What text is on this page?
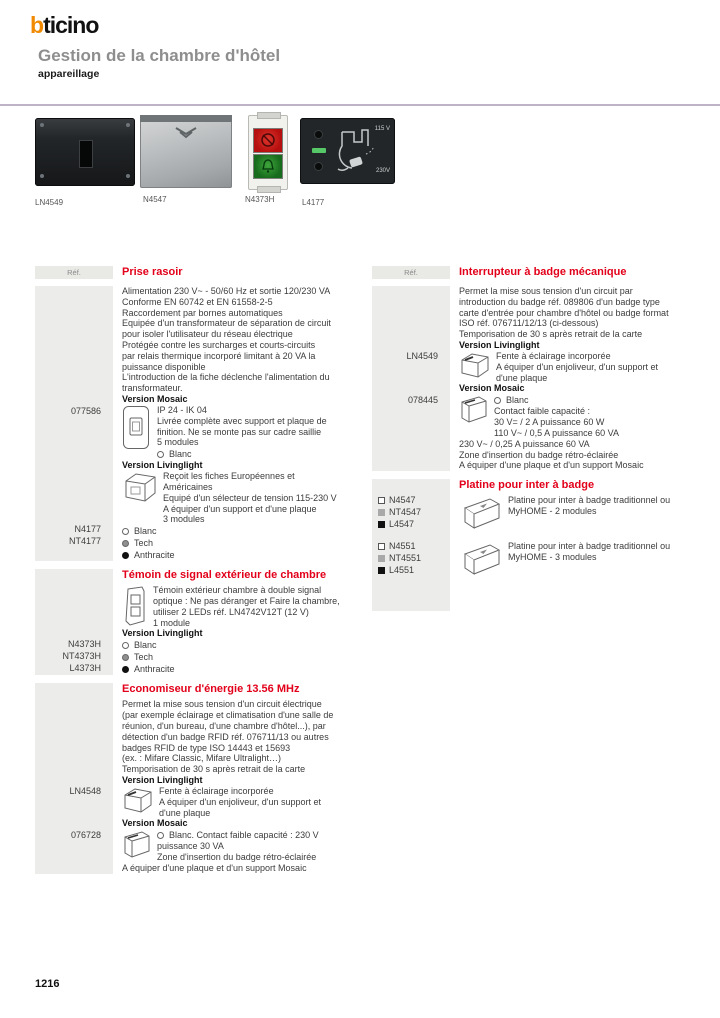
bticino
Gestion de la chambre d'hôtel
appareillage
LN4549	N4547	N4373H
115 V
230V
L4177
Réf.	Prise rasoir
077586
N4177
NT4177
Alimentation 230 V~ - 50/60 Hz et sortie 120/230 VA
Conforme EN 60742 et EN 61558-2-5
Raccordement par bornes automatiques
Equipée d'un transformateur de séparation de circuit
pour isoler l'utilisateur du réseau électrique
Protégée contre les surcharges et courts-circuits
par relais thermique incorporé limitant à 20 VA la
puissance disponible
L'introduction de la fiche déclenche l'alimentation du
transformateur.
Version Mosaic
IP 24 - IK 04
Livrée complète avec support et plaque de
finition. Ne se monte pas sur cadre saillie
5 modules
Blanc
Version Livinglight
Reçoit les fiches Européennes et
Américaines
Equipé d'un sélecteur de tension 115-230 V
A équiper d'un support et d'une plaque
3 modules
Blanc
Tech
Anthracite
N4373H
NT4373H
L4373H
Témoin de signal extérieur de chambre
Témoin extérieur chambre à double signal
optique : Ne pas déranger et Faire la chambre,
utiliser 2 LEDs réf. LN4742V12T (12 V)
1 module
Version Livinglight
Blanc
Tech
Anthracite
LN4548
076728
Economiseur d'énergie 13.56 MHz
Permet la mise sous tension d'un circuit électrique
(par exemple éclairage et climatisation d'une salle de
réunion, d'un bureau, d'une chambre d'hôtel...), par
détection d'un badge RFID réf. 076711/13 ou autres
badges RFID de type ISO 14443 et 15693
(ex. : Mifare Classic, Mifare Ultralight…)
Temporisation de 30 s après retrait de la carte
Version Livinglight
Fente à éclairage incorporée
A équiper d'un enjoliveur, d'un support et
d'une plaque
Version Mosaic
Blanc. Contact faible capacité : 230 V
puissance 30 VA
Zone d'insertion du badge rétro-éclairée
A équiper d'une plaque et d'un support Mosaic
Réf.	Interrupteur à badge mécanique
LN4549
078445
Permet la mise sous tension d'un circuit par
introduction du badge réf. 089806 d'un badge type
carte d'entrée pour chambre d'hôtel ou badge format
ISO réf. 076711/12/13 (ci-dessous)
Temporisation de 30 s après retrait de la carte
Version Livinglight
Fente à éclairage incorporée
A équiper d'un enjoliveur, d'un support et
d'une plaque
Version Mosaic
Blanc
Contact faible capacité :
30 V= / 2 A puissance 60 W
110 V~ / 0,5 A puissance 60 VA
230 V~ / 0,25 A puissance 60 VA
Zone d'insertion du badge rétro-éclairée
A équiper d'une plaque et d'un support Mosaic
N4547
NT4547
L4547
N4551
NT4551
L4551
Platine pour inter à badge
Platine pour inter à badge traditionnel ou
MyHOME - 2 modules
Platine pour inter à badge traditionnel ou
MyHOME - 3 modules
1216
